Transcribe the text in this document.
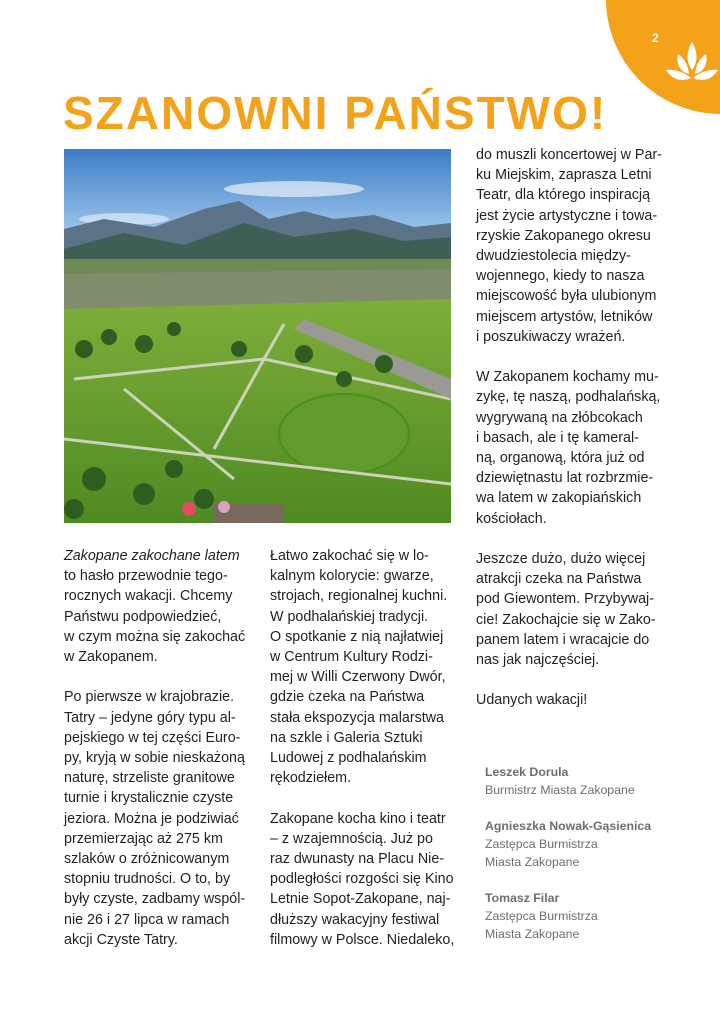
2
SZANOWNI PAŃSTWO!

Zakopane zakochane latem
to hasło przewodnie tego-
rocznych wakacji. Chcemy
Państwu podpowiedzieć,
w czym można się zakochać
w Zakopanem.

Po pierwsze w krajobrazie.
Tatry – jedyne góry typu al-
pejskiego w tej części Euro-
py, kryją w sobie nieskażoną
naturę, strzeliste granitowe
turnie i krystalicznie czyste
jeziora. Można je podziwiać
przemierzając aż 275 km
szlaków o zróżnicowanym
stopniu trudności. O to, by
były czyste, zadbamy wspól-
nie 26 i 27 lipca w ramach
akcji Czyste Tatry.

Łatwo zakochać się w lo-
kalnym kolorycie: gwarze,
strojach, regionalnej kuchni.
W podhalańskiej tradycji.
O spotkanie z nią najłatwiej
w Centrum Kultury Rodzi-
mej w Willi Czerwony Dwór,
gdzie czeka na Państwa
stała ekspozycja malarstwa
na szkle i Galeria Sztuki
Ludowej z podhalańskim
rękodziełem.

Zakopane kocha kino i teatr
– z wzajemnością. Już po
raz dwunasty na Placu Nie-
podległości rozgości się Kino
Letnie Sopot-Zakopane, naj-
dłuższy wakacyjny festiwal
filmowy w Polsce. Niedaleko,

do muszli koncertowej w Par-
ku Miejskim, zaprasza Letni
Teatr, dla którego inspiracją
jest życie artystyczne i towa-
rzyskie Zakopanego okresu
dwudziestolecia między-
wojennego, kiedy to nasza
miejscowość była ulubionym
miejscem artystów, letników
i poszukiwaczy wrażeń.

W Zakopanem kochamy mu-
zykę, tę naszą, podhalańską,
wygrywaną na złóbcokach
i basach, ale i tę kameral-
ną, organową, która już od
dziewiętnastu lat rozbrzmie-
wa latem w zakopiańskich
kościołach.

Jeszcze dużo, dużo więcej
atrakcji czeka na Państwa
pod Giewontem. Przybywaj-
cie! Zakochajcie się w Zako-
panem latem i wracajcie do
nas jak najczęściej.

Udanych wakacji!

Leszek Dorula
Burmistrz Miasta Zakopane
Agnieszka Nowak-Gąsienica
Zastępca Burmistrza
Miasta Zakopane
Tomasz Filar
Zastępca Burmistrza
Miasta Zakopane
